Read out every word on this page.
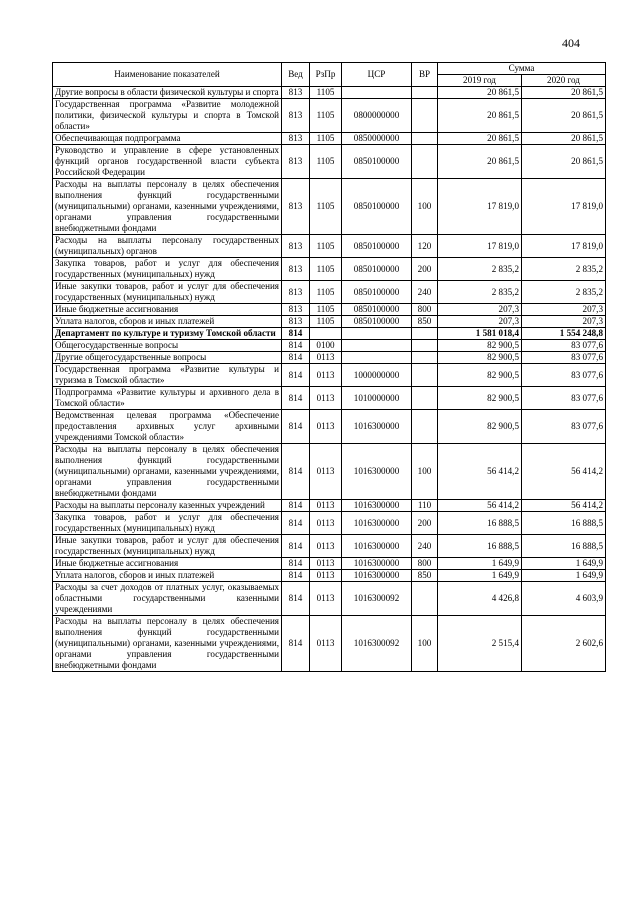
404
Наименование показателей	Вед	РзПр	ЦСР	ВР	Сумма	
					2019 год	2020 год
Другие вопросы в области физической культуры и спорта	813	1105			20 861,5	20 861,5
Государственная программа «Развитие молодежной политики, физической культуры и спорта в Томской области»	813	1105	0800000000		20 861,5	20 861,5
Обеспечивающая подпрограмма	813	1105	0850000000		20 861,5	20 861,5
Руководство и управление в сфере установленных функций органов государственной власти субъекта Российской Федерации	813	1105	0850100000		20 861,5	20 861,5
Расходы на выплаты персоналу в целях обеспечения выполнения функций государственными (муниципальными) органами, казенными учреждениями, органами управления государственными внебюджетными фондами	813	1105	0850100000	100	17 819,0	17 819,0
Расходы на выплаты персоналу государственных (муниципальных) органов	813	1105	0850100000	120	17 819,0	17 819,0
Закупка товаров, работ и услуг для обеспечения государственных (муниципальных) нужд	813	1105	0850100000	200	2 835,2	2 835,2
Иные закупки товаров, работ и услуг для обеспечения государственных (муниципальных) нужд	813	1105	0850100000	240	2 835,2	2 835,2
Иные бюджетные ассигнования	813	1105	0850100000	800	207,3	207,3
Уплата налогов, сборов и иных платежей	813	1105	0850100000	850	207,3	207,3
Департамент по культуре и туризму Томской области	814				1 581 018,4	1 554 248,8
Общегосударственные вопросы	814	0100			82 900,5	83 077,6
Другие общегосударственные вопросы	814	0113			82 900,5	83 077,6
Государственная программа «Развитие культуры и туризма в Томской области»	814	0113	1000000000		82 900,5	83 077,6
Подпрограмма «Развитие культуры и архивного дела в Томской области»	814	0113	1010000000		82 900,5	83 077,6
Ведомственная целевая программа «Обеспечение предоставления архивных услуг архивными учреждениями Томской области»	814	0113	1016300000		82 900,5	83 077,6
Расходы на выплаты персоналу в целях обеспечения выполнения функций государственными (муниципальными) органами, казенными учреждениями, органами управления государственными внебюджетными фондами	814	0113	1016300000	100	56 414,2	56 414,2
Расходы на выплаты персоналу казенных учреждений	814	0113	1016300000	110	56 414,2	56 414,2
Закупка товаров, работ и услуг для обеспечения государственных (муниципальных) нужд	814	0113	1016300000	200	16 888,5	16 888,5
Иные закупки товаров, работ и услуг для обеспечения государственных (муниципальных) нужд	814	0113	1016300000	240	16 888,5	16 888,5
Иные бюджетные ассигнования	814	0113	1016300000	800	1 649,9	1 649,9
Уплата налогов, сборов и иных платежей	814	0113	1016300000	850	1 649,9	1 649,9
Расходы за счет доходов от платных услуг, оказываемых областными государственными казенными учреждениями	814	0113	1016300092		4 426,8	4 603,9
Расходы на выплаты персоналу в целях обеспечения выполнения функций государственными (муниципальными) органами, казенными учреждениями, органами управления государственными внебюджетными фондами	814	0113	1016300092	100	2 515,4	2 602,6
